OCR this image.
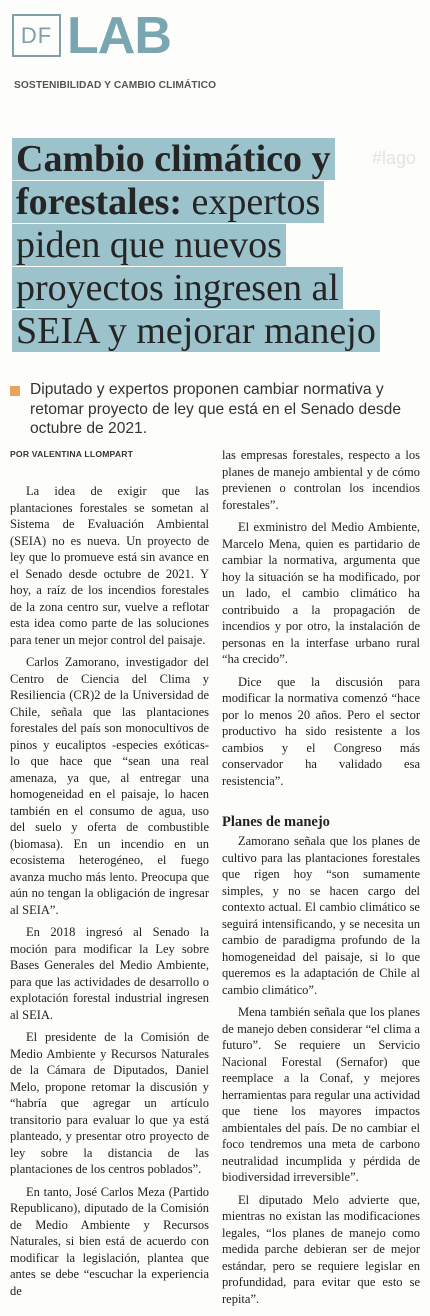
DF LAB
SOSTENIBILIDAD Y CAMBIO CLIMÁTICO
#lago
Cambio climático y forestales: expertos piden que nuevos proyectos ingresen al SEIA y mejorar manejo

Diputado y expertos proponen cambiar normativa y retomar proyecto de ley que está en el Senado desde octubre de 2021.

POR VALENTINA LLOMPART

La idea de exigir que las plantaciones forestales se sometan al Sistema de Evaluación Ambiental (SEIA) no es nueva. Un proyecto de ley que lo promueve está sin avance en el Senado desde octubre de 2021. Y hoy, a raíz de los incendios forestales de la zona centro sur, vuelve a reflotar esta idea como parte de las soluciones para tener un mejor control del paisaje.

Carlos Zamorano, investigador del Centro de Ciencia del Clima y Resiliencia (CR)2 de la Universidad de Chile, señala que las plantaciones forestales del país son monocultivos de pinos y eucaliptos -especies exóticas- lo que hace que “sean una real amenaza, ya que, al entregar una homogeneidad en el paisaje, lo hacen también en el consumo de agua, uso del suelo y oferta de combustible (biomasa). En un incendio en un ecosistema heterogéneo, el fuego avanza mucho más lento. Preocupa que aún no tengan la obligación de ingresar al SEIA”.

En 2018 ingresó al Senado la moción para modificar la Ley sobre Bases Generales del Medio Ambiente, para que las actividades de desarrollo o explotación forestal industrial ingresen al SEIA.

El presidente de la Comisión de Medio Ambiente y Recursos Naturales de la Cámara de Diputados, Daniel Melo, propone retomar la discusión y “habría que agregar un artículo transitorio para evaluar lo que ya está planteado, y presentar otro proyecto de ley sobre la distancia de las plantaciones de los centros poblados”.

En tanto, José Carlos Meza (Partido Republicano), diputado de la Comisión de Medio Ambiente y Recursos Naturales, si bien está de acuerdo con modificar la legislación, plantea que antes se debe “escuchar la experiencia de

las empresas forestales, respecto a los planes de manejo ambiental y de cómo previenen o controlan los incendios forestales”.

El exministro del Medio Ambiente, Marcelo Mena, quien es partidario de cambiar la normativa, argumenta que hoy la situación se ha modificado, por un lado, el cambio climático ha contribuido a la propagación de incendios y por otro, la instalación de personas en la interfase urbano rural “ha crecido”.

Dice que la discusión para modificar la normativa comenzó “hace por lo menos 20 años. Pero el sector productivo ha sido resistente a los cambios y el Congreso más conservador ha validado esa resistencia”.

Planes de manejo

Zamorano señala que los planes de cultivo para las plantaciones forestales que rigen hoy “son sumamente simples, y no se hacen cargo del contexto actual. El cambio climático se seguirá intensificando, y se necesita un cambio de paradigma profundo de la homogeneidad del paisaje, si lo que queremos es la adaptación de Chile al cambio climático”.

Mena también señala que los planes de manejo deben considerar “el clima a futuro”. Se requiere un Servicio Nacional Forestal (Sernafor) que reemplace a la Conaf, y mejores herramientas para regular una actividad que tiene los mayores impactos ambientales del país. De no cambiar el foco tendremos una meta de carbono neutralidad incumplida y pérdida de biodiversidad irreversible”.

El diputado Melo advierte que, mientras no existan las modificaciones legales, “los planes de manejo como medida parche debieran ser de mejor estándar, pero se requiere legislar en profundidad, para evitar que esto se repita”.
